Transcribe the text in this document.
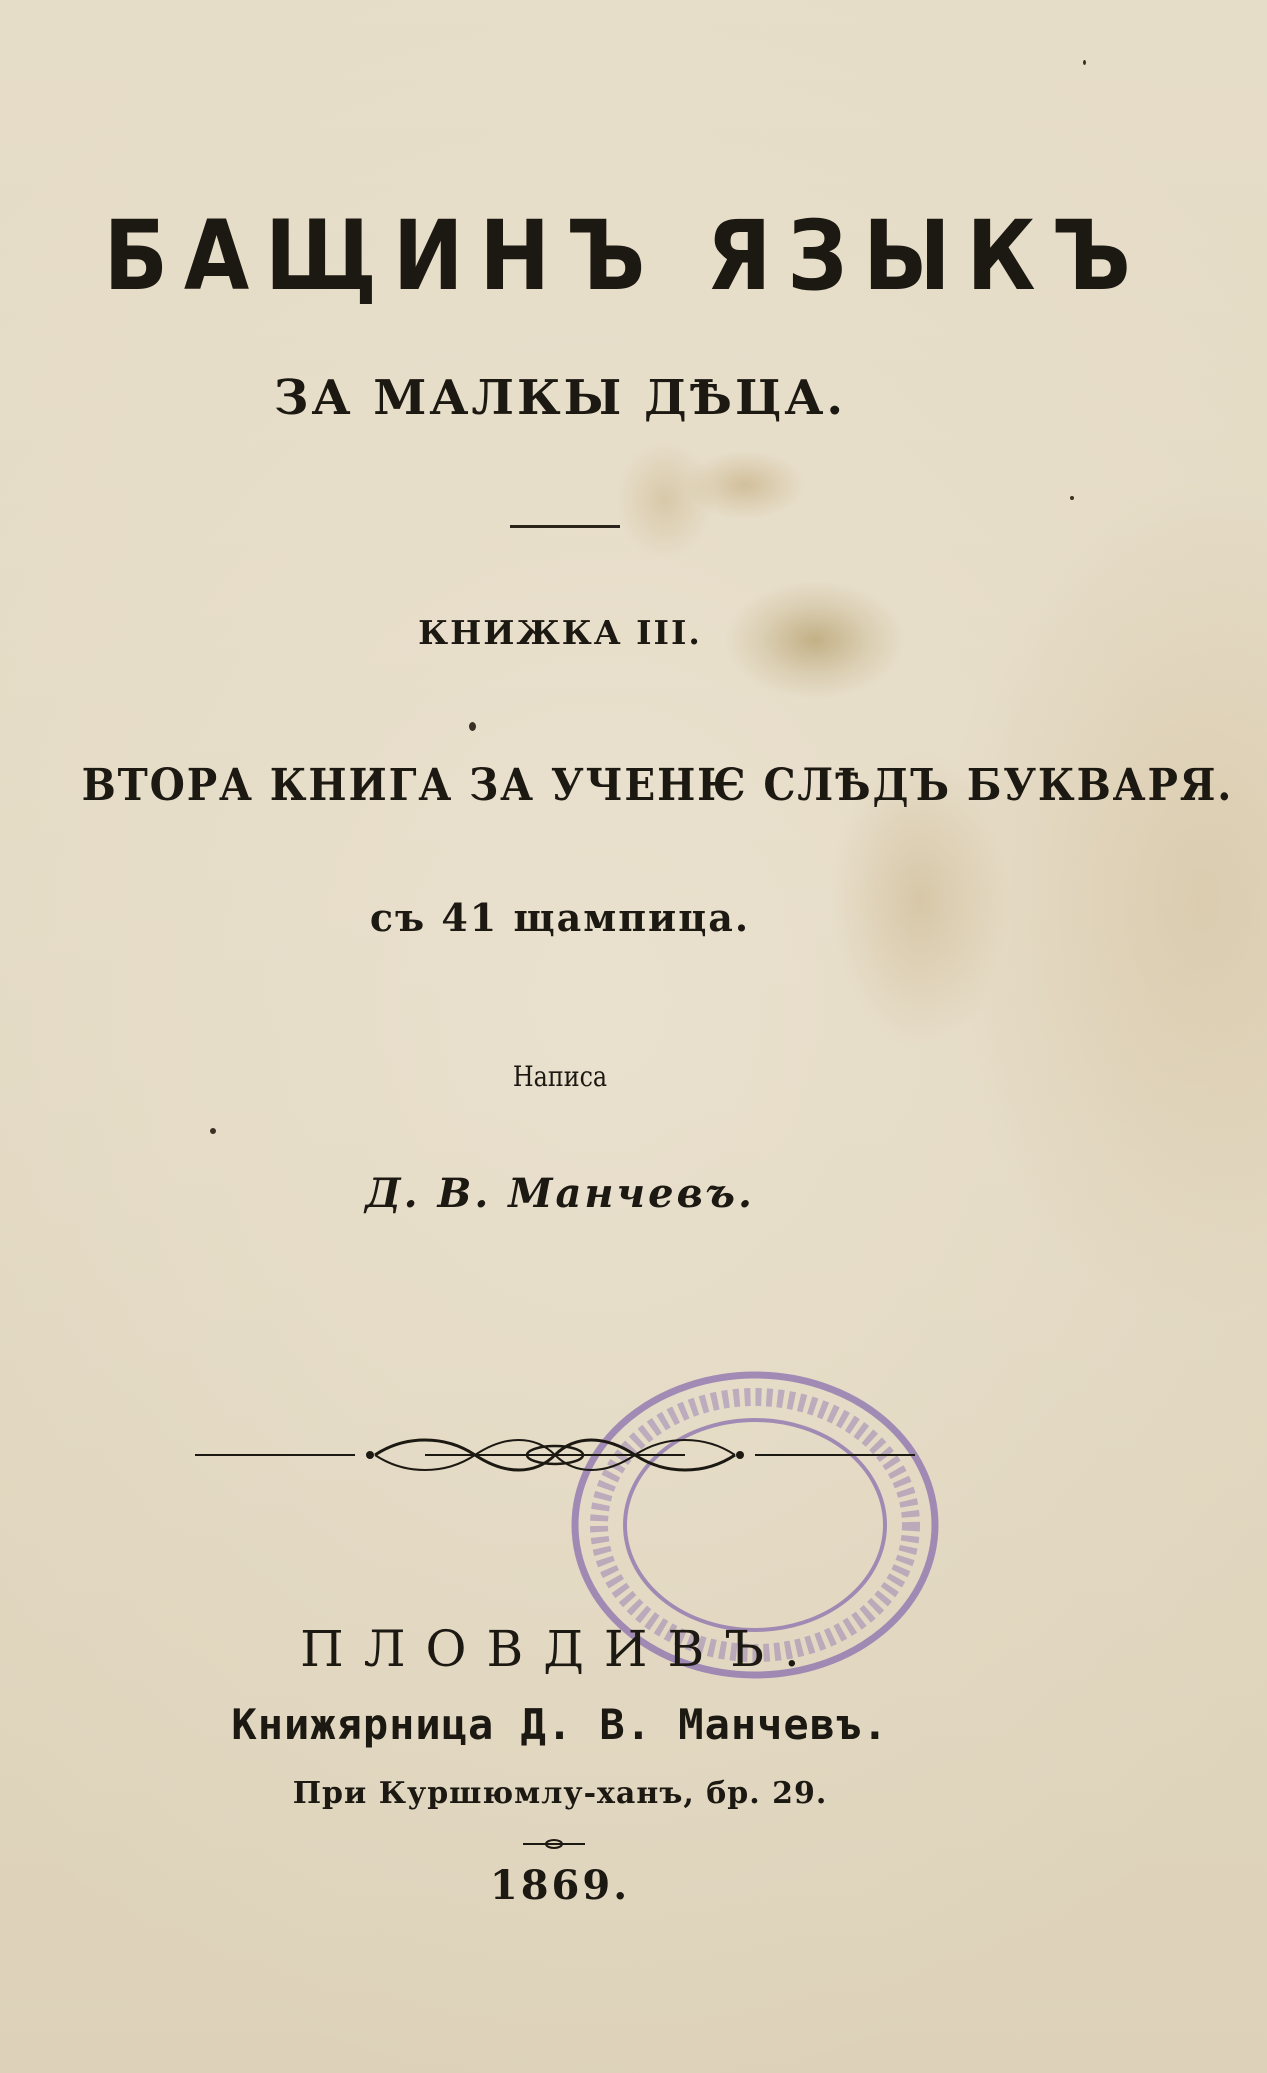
БАЩИНЪ ЯЗЫКЪ
ЗА МАЛКЫ ДѢЦА.
КНИЖКА III.
ВТОРА КНИГА ЗА УЧЕНѤ СЛѢДЪ БУКВАРЯ.
съ 41 щампица.
Написа
Д. В. Манчевъ.
ПЛОВДИВЪ.
Книжярница Д. В. Манчевъ.
При Куршюмлу-ханъ, бр. 29.
1869.
